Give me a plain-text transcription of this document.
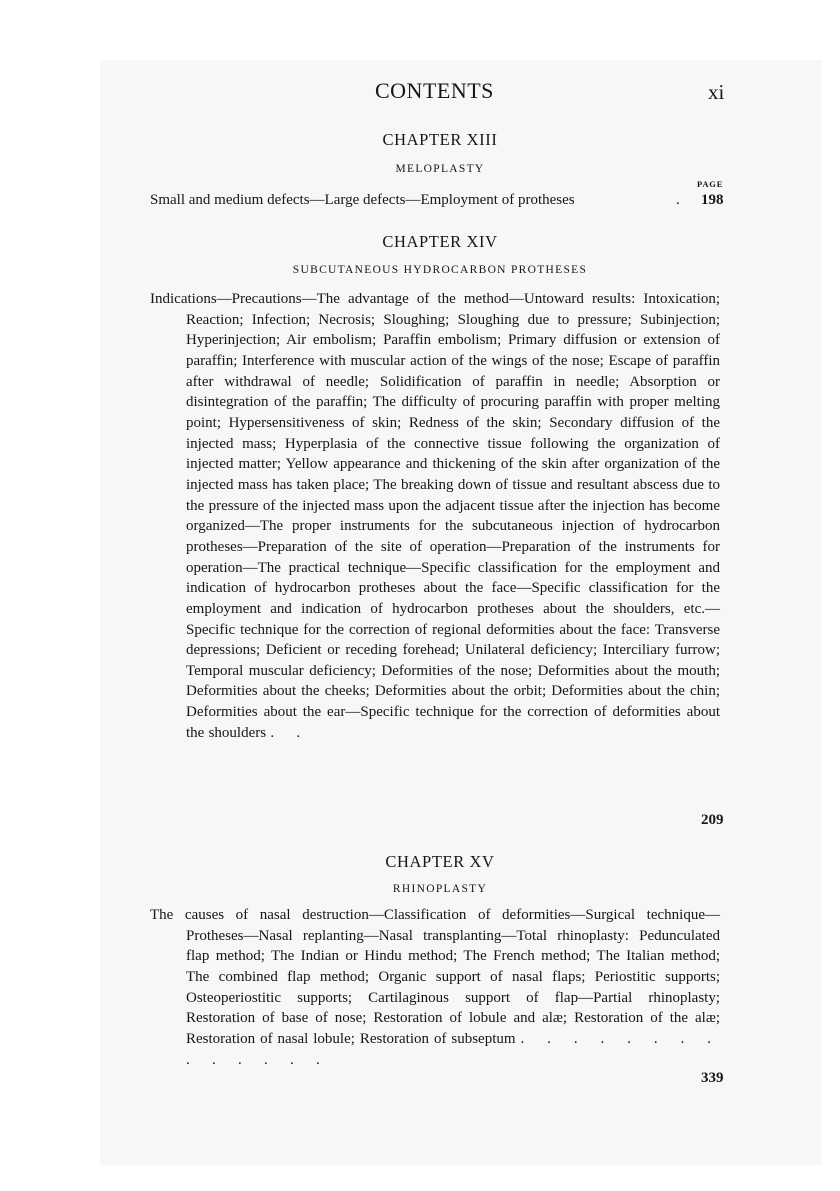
CONTENTS	xi
CHAPTER XIII
MELOPLASTY
PAGE
Small and medium defects—Large defects—Employment of protheses	. 198
CHAPTER XIV
SUBCUTANEOUS HYDROCARBON PROTHESES
Indications—Precautions—The advantage of the method—Untoward results: Intoxication; Reaction; Infection; Necrosis; Sloughing; Sloughing due to pressure; Subinjection; Hyperinjection; Air embolism; Paraffin embolism; Primary diffusion or extension of paraffin; Interference with muscular action of the wings of the nose; Escape of paraffin after withdrawal of needle; Solidification of paraffin in needle; Absorption or disintegration of the paraffin; The difficulty of procuring paraffin with proper melting point; Hypersensitiveness of skin; Redness of the skin; Secondary diffusion of the injected mass; Hyperplasia of the connective tissue following the organization of injected matter; Yellow appearance and thickening of the skin after organization of the injected mass has taken place; The breaking down of tissue and resultant abscess due to the pressure of the injected mass upon the adjacent tissue after the injection has become organized—The proper instruments for the subcutaneous injection of hydrocarbon protheses—Preparation of the site of operation—Preparation of the instruments for operation—The practical technique—Specific classification for the employment and indication of hydrocarbon protheses about the face—Specific classification for the employment and indication of hydrocarbon protheses about the shoulders, etc.—Specific technique for the correction of regional deformities about the face: Transverse depressions; Deficient or receding forehead; Unilateral deficiency; Interciliary furrow; Temporal muscular deficiency; Deformities of the nose; Deformities about the mouth; Deformities about the cheeks; Deformities about the orbit; Deformities about the chin; Deformities about the ear—Specific technique for the correction of deformities about the shoulders . .
209
CHAPTER XV
RHINOPLASTY
The causes of nasal destruction—Classification of deformities—Surgical technique—Protheses—Nasal replanting—Nasal transplanting—Total rhinoplasty: Pedunculated flap method; The Indian or Hindu method; The French method; The Italian method; The combined flap method; Organic support of nasal flaps; Periostitic supports; Osteoperiostitic supports; Cartilaginous support of flap—Partial rhinoplasty; Restoration of base of nose; Restoration of lobule and alæ; Restoration of the alæ; Restoration of nasal lobule; Restoration of subseptum . . . . . . . . . . . . . .
339
